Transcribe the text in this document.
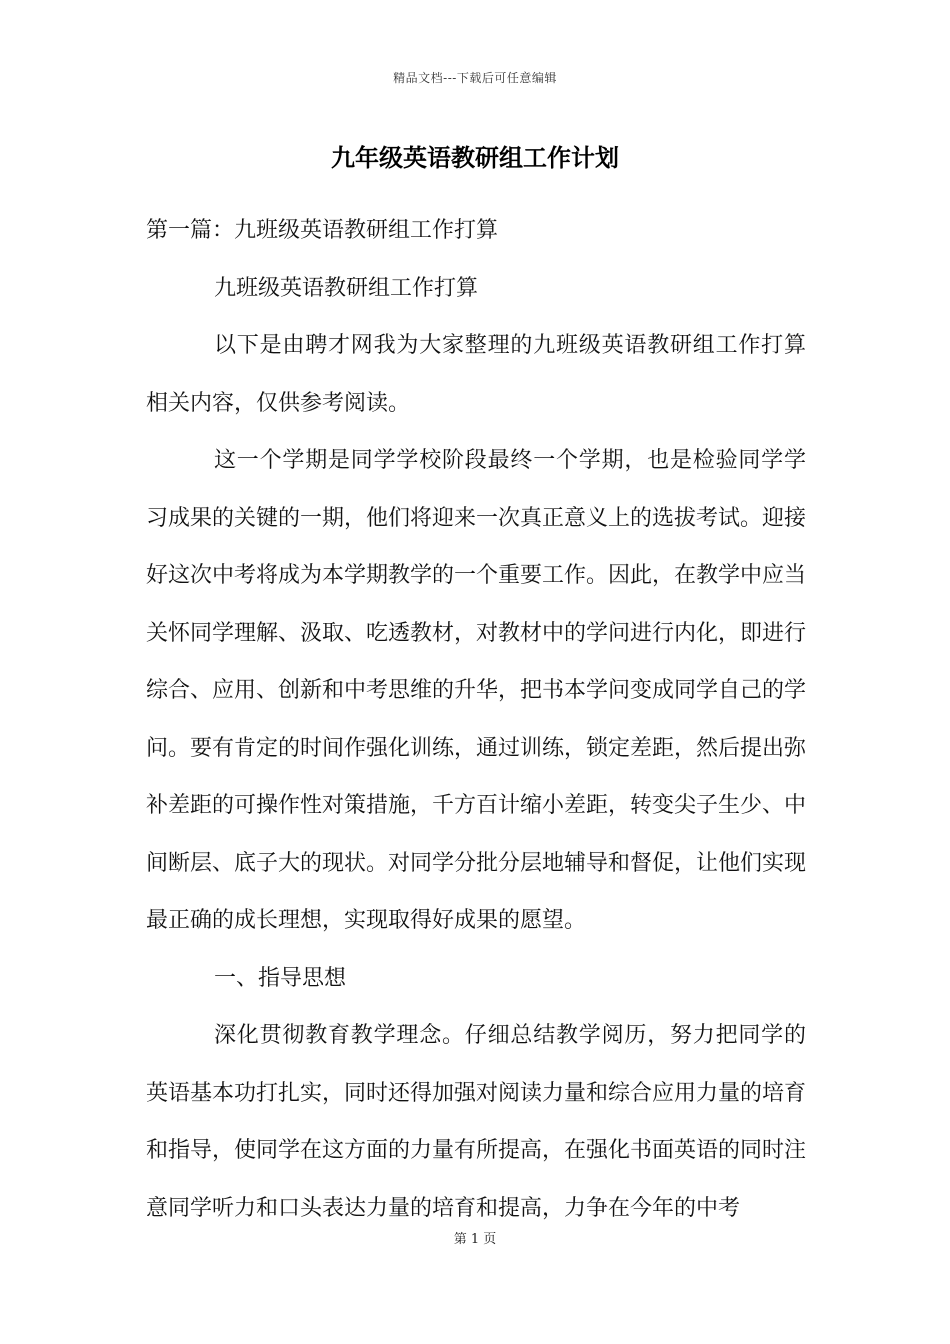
精品文档---下载后可任意编辑
九年级英语教研组工作计划

第一篇：九班级英语教研组工作打算

九班级英语教研组工作打算

以下是由聘才网我为大家整理的九班级英语教研组工作打算相关内容，仅供参考阅读。

这一个学期是同学学校阶段最终一个学期，也是检验同学学习成果的关键的一期，他们将迎来一次真正意义上的选拔考试。迎接好这次中考将成为本学期教学的一个重要工作。因此，在教学中应当关怀同学理解、汲取、吃透教材，对教材中的学问进行内化，即进行综合、应用、创新和中考思维的升华，把书本学问变成同学自己的学问。要有肯定的时间作强化训练，通过训练，锁定差距，然后提出弥补差距的可操作性对策措施，千方百计缩小差距，转变尖子生少、中间断层、底子大的现状。对同学分批分层地辅导和督促，让他们实现最正确的成长理想，实现取得好成果的愿望。

一、指导思想

深化贯彻教育教学理念。仔细总结教学阅历，努力把同学的英语基本功打扎实，同时还得加强对阅读力量和综合应用力量的培育和指导，使同学在这方面的力量有所提高，在强化书面英语的同时注意同学听力和口头表达力量的培育和提高，力争在今年的中考

第 1 页
